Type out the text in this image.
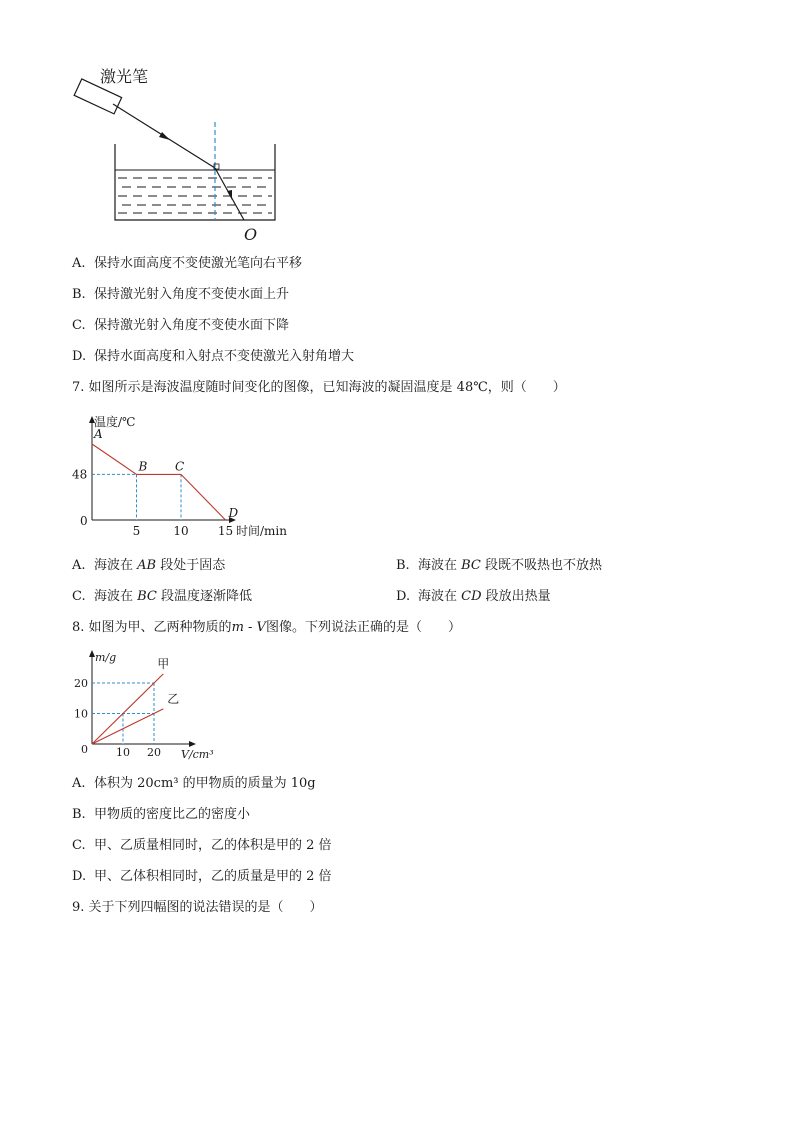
激光笔
O
A. 保持水面高度不变使激光笔向右平移
B. 保持激光射入角度不变使水面上升
C. 保持激光射入角度不变使水面下降
D. 保持水面高度和入射点不变使激光入射角增大
7. 如图所示是海波温度随时间变化的图像，已知海波的凝固温度是 48℃，则（　　）
温度/℃
时间/min
0
A
B C
D
48
5	10 15
A. 海波在 AB 段处于固态	B. 海波在 BC 段既不吸热也不放热
C. 海波在 BC 段温度逐渐降低	D. 海波在 CD 段放出热量
8. 如图为甲、乙两种物质的m - V图像。下列说法正确的是（　　）
m/g
V/cm³
0
甲
乙
10
20
10 20
A. 体积为 20cm³ 的甲物质的质量为 10g
B. 甲物质的密度比乙的密度小
C. 甲、乙质量相同时，乙的体积是甲的 2 倍
D. 甲、乙体积相同时，乙的质量是甲的 2 倍
9. 关于下列四幅图的说法错误的是（　　）
